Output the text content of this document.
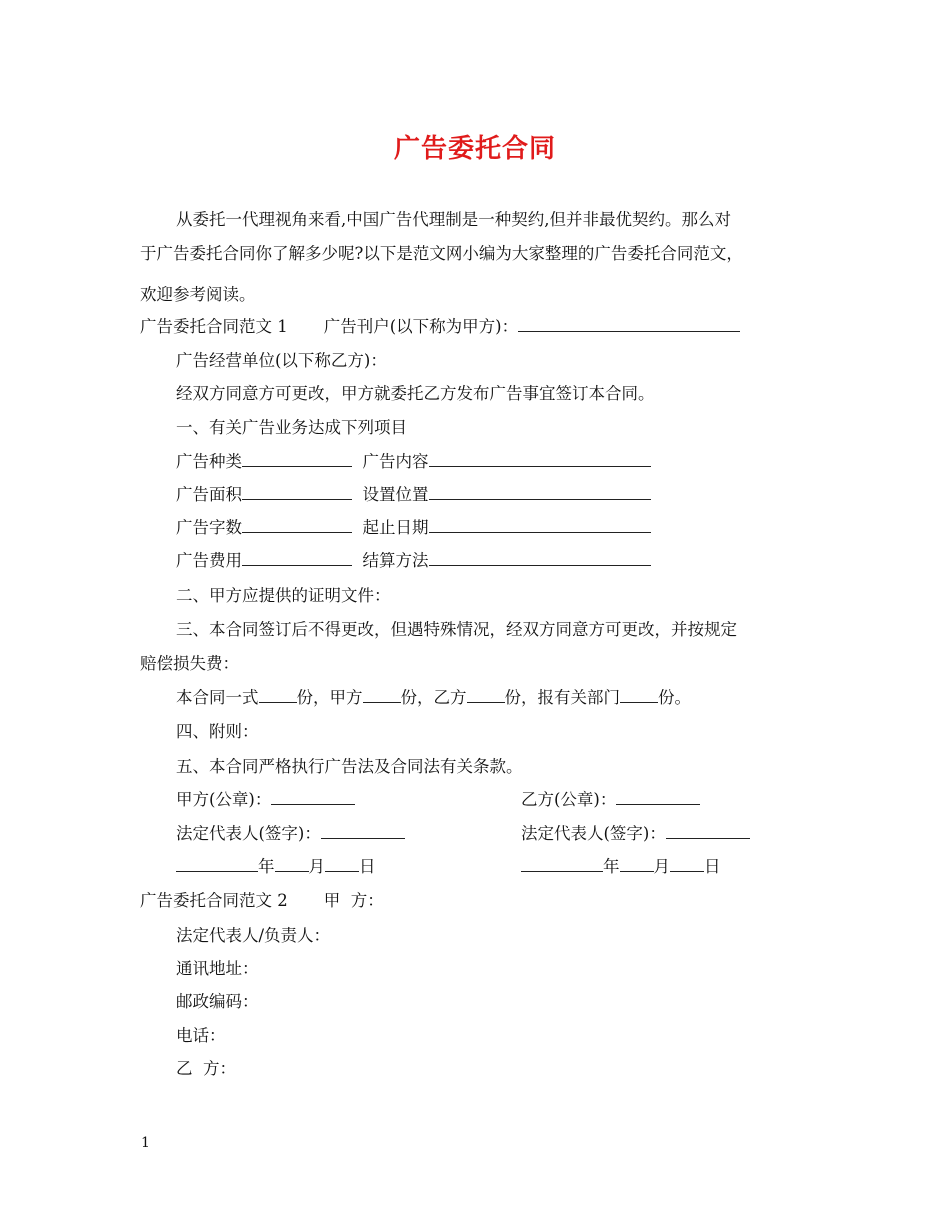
广告委托合同
从委托一代理视角来看,中国广告代理制是一种契约,但并非最优契约。那么对
于广告委托合同你了解多少呢?以下是范文网小编为大家整理的广告委托合同范文，
欢迎参考阅读。
广告委托合同范文 1 广告刊户(以下称为甲方)：
广告经营单位(以下称乙方)：
经双方同意方可更改，甲方就委托乙方发布广告事宜签订本合同。
一、有关广告业务达成下列项目
广告种类	广告内容
广告面积	设置位置
广告字数	起止日期
广告费用	结算方法
二、甲方应提供的证明文件：
三、本合同签订后不得更改，但遇特殊情况，经双方同意方可更改，并按规定
赔偿损失费：
本合同一式 份，甲方 份，乙方 份，报有关部门 份。
四、附则：
五、本合同严格执行广告法及合同法有关条款。
甲方(公章)：	乙方(公章)：
法定代表人(签字)：	法定代表人(签字)：
年 月 日	年 月 日
广告委托合同范文 2 甲  方：
法定代表人/负责人：
通讯地址：
邮政编码：
电话：
乙  方：
1
